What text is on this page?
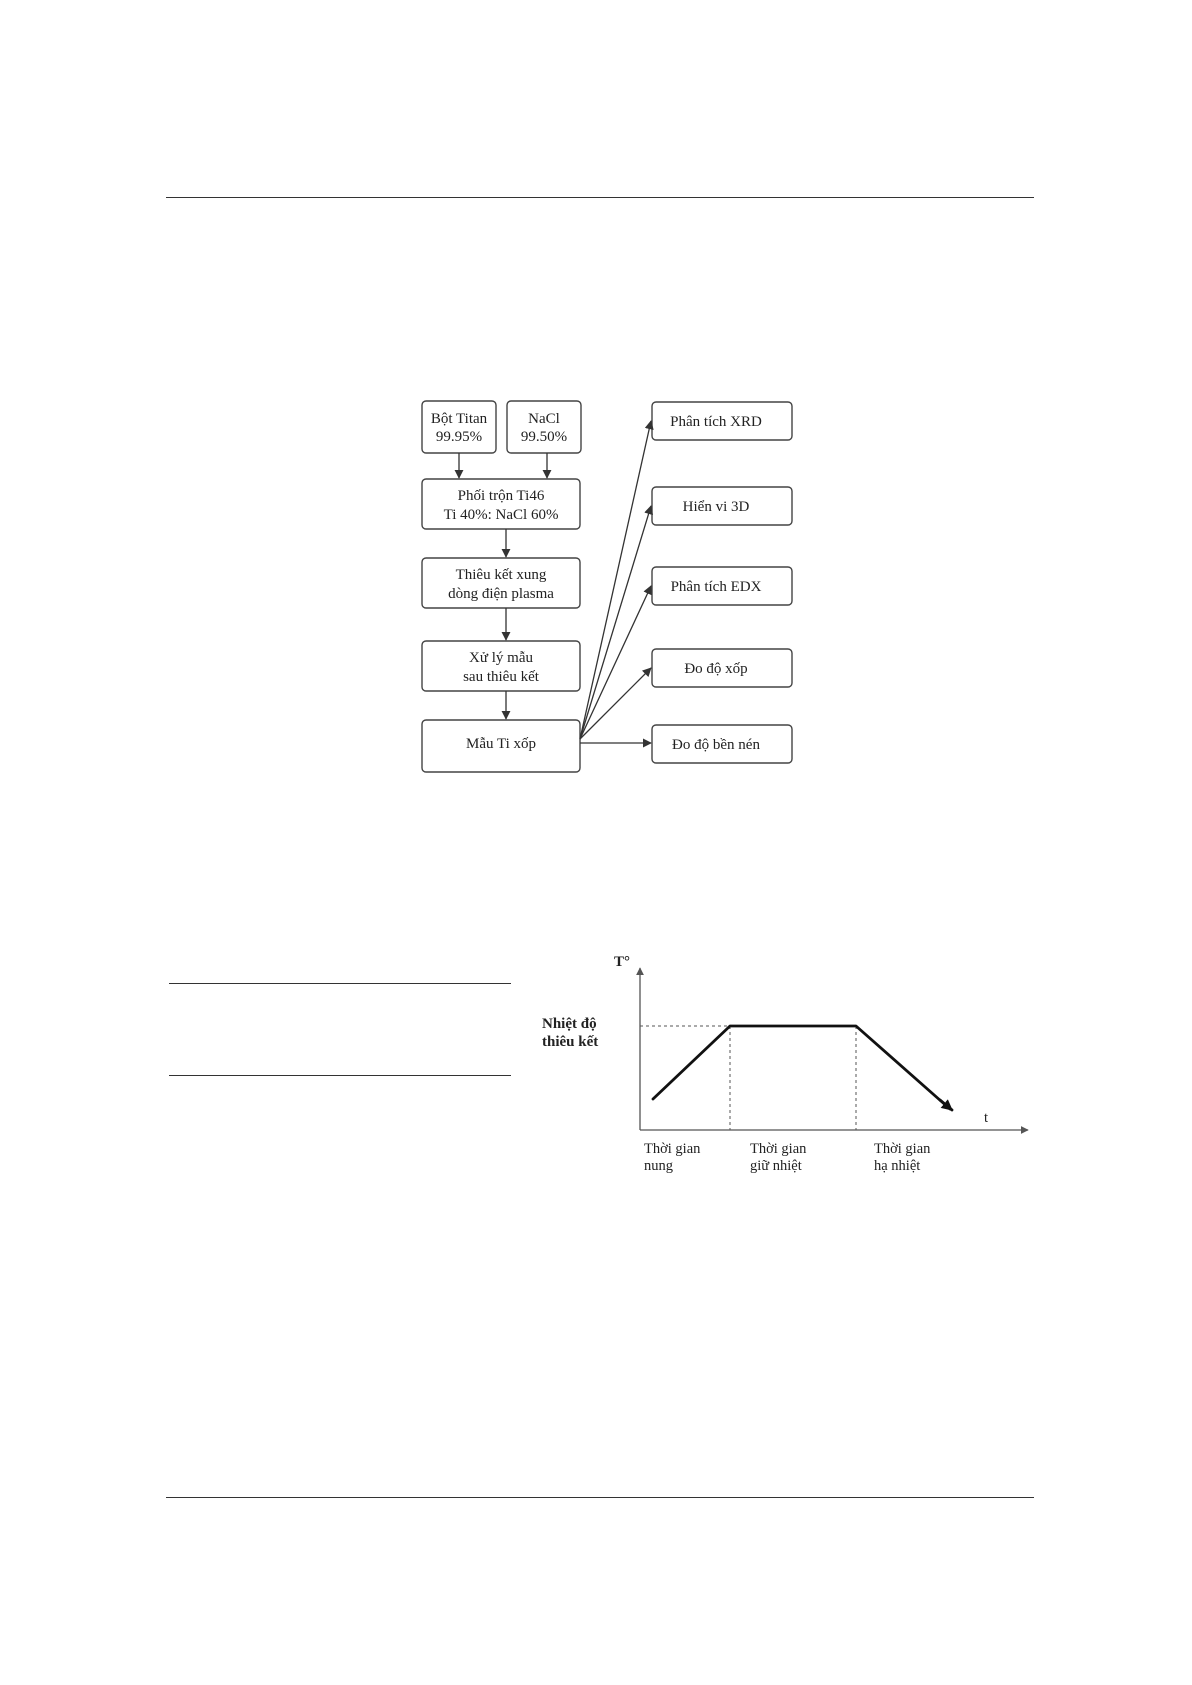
Bột Titan
99.95%
NaCl
99.50%
Phối trộn Ti46
Ti 40%: NaCl 60%
Thiêu kết xung
dòng điện plasma
Xử lý mẫu
sau thiêu kết
Mẫu Ti xốp
Phân tích XRD
Hiển vi 3D
Phân tích EDX
Đo độ xốp
Đo độ bền nén
T°
t
Nhiệt độ
thiêu kết
Thời gian
nung
Thời gian
giữ nhiệt
Thời gian
hạ nhiệt
